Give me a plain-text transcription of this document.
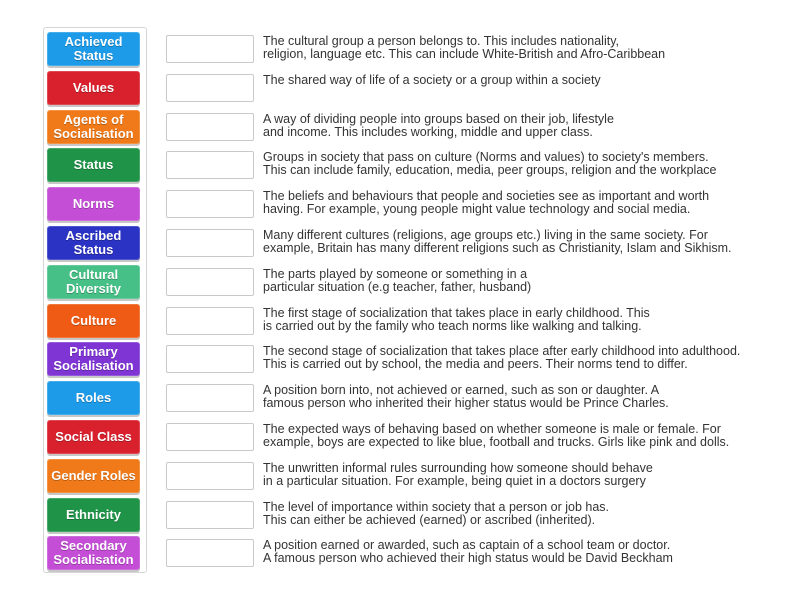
Achieved Status
Values
Agents of Socialisation
Status
Norms
Ascribed Status
Cultural Diversity
Culture
Primary Socialisation
Roles
Social Class
Gender Roles
Ethnicity
Secondary Socialisation
The cultural group a person belongs to. This includes nationality,
religion, language etc. This can include White-British and Afro-Caribbean
The shared way of life of a society or a group within a society
A way of dividing people into groups based on their job, lifestyle
and income. This includes working, middle and upper class.
Groups in society that pass on culture (Norms and values) to society's members.
This can include family, education, media, peer groups, religion and the workplace
The beliefs and behaviours that people and societies see as important and worth
having. For example, young people might value technology and social media.
Many different cultures (religions, age groups etc.) living in the same society. For
example, Britain has many different religions such as Christianity, Islam and Sikhism.
The parts played by someone or something in a
particular situation (e.g teacher, father, husband)
The first stage of socialization that takes place in early childhood. This
is carried out by the family who teach norms like walking and talking.
The second stage of socialization that takes place after early childhood into adulthood.
This is carried out by school, the media and peers. Their norms tend to differ.
A position born into, not achieved or earned, such as son or daughter. A
famous person who inherited their higher status would be Prince Charles.
The expected ways of behaving based on whether someone is male or female. For
example, boys are expected to like blue, football and trucks. Girls like pink and dolls.
The unwritten informal rules surrounding how someone should behave
in a particular situation. For example, being quiet in a doctors surgery
The level of importance within society that a person or job has.
This can either be achieved (earned) or ascribed (inherited).
A position earned or awarded, such as captain of a school team or doctor.
A famous person who achieved their high status would be David Beckham
